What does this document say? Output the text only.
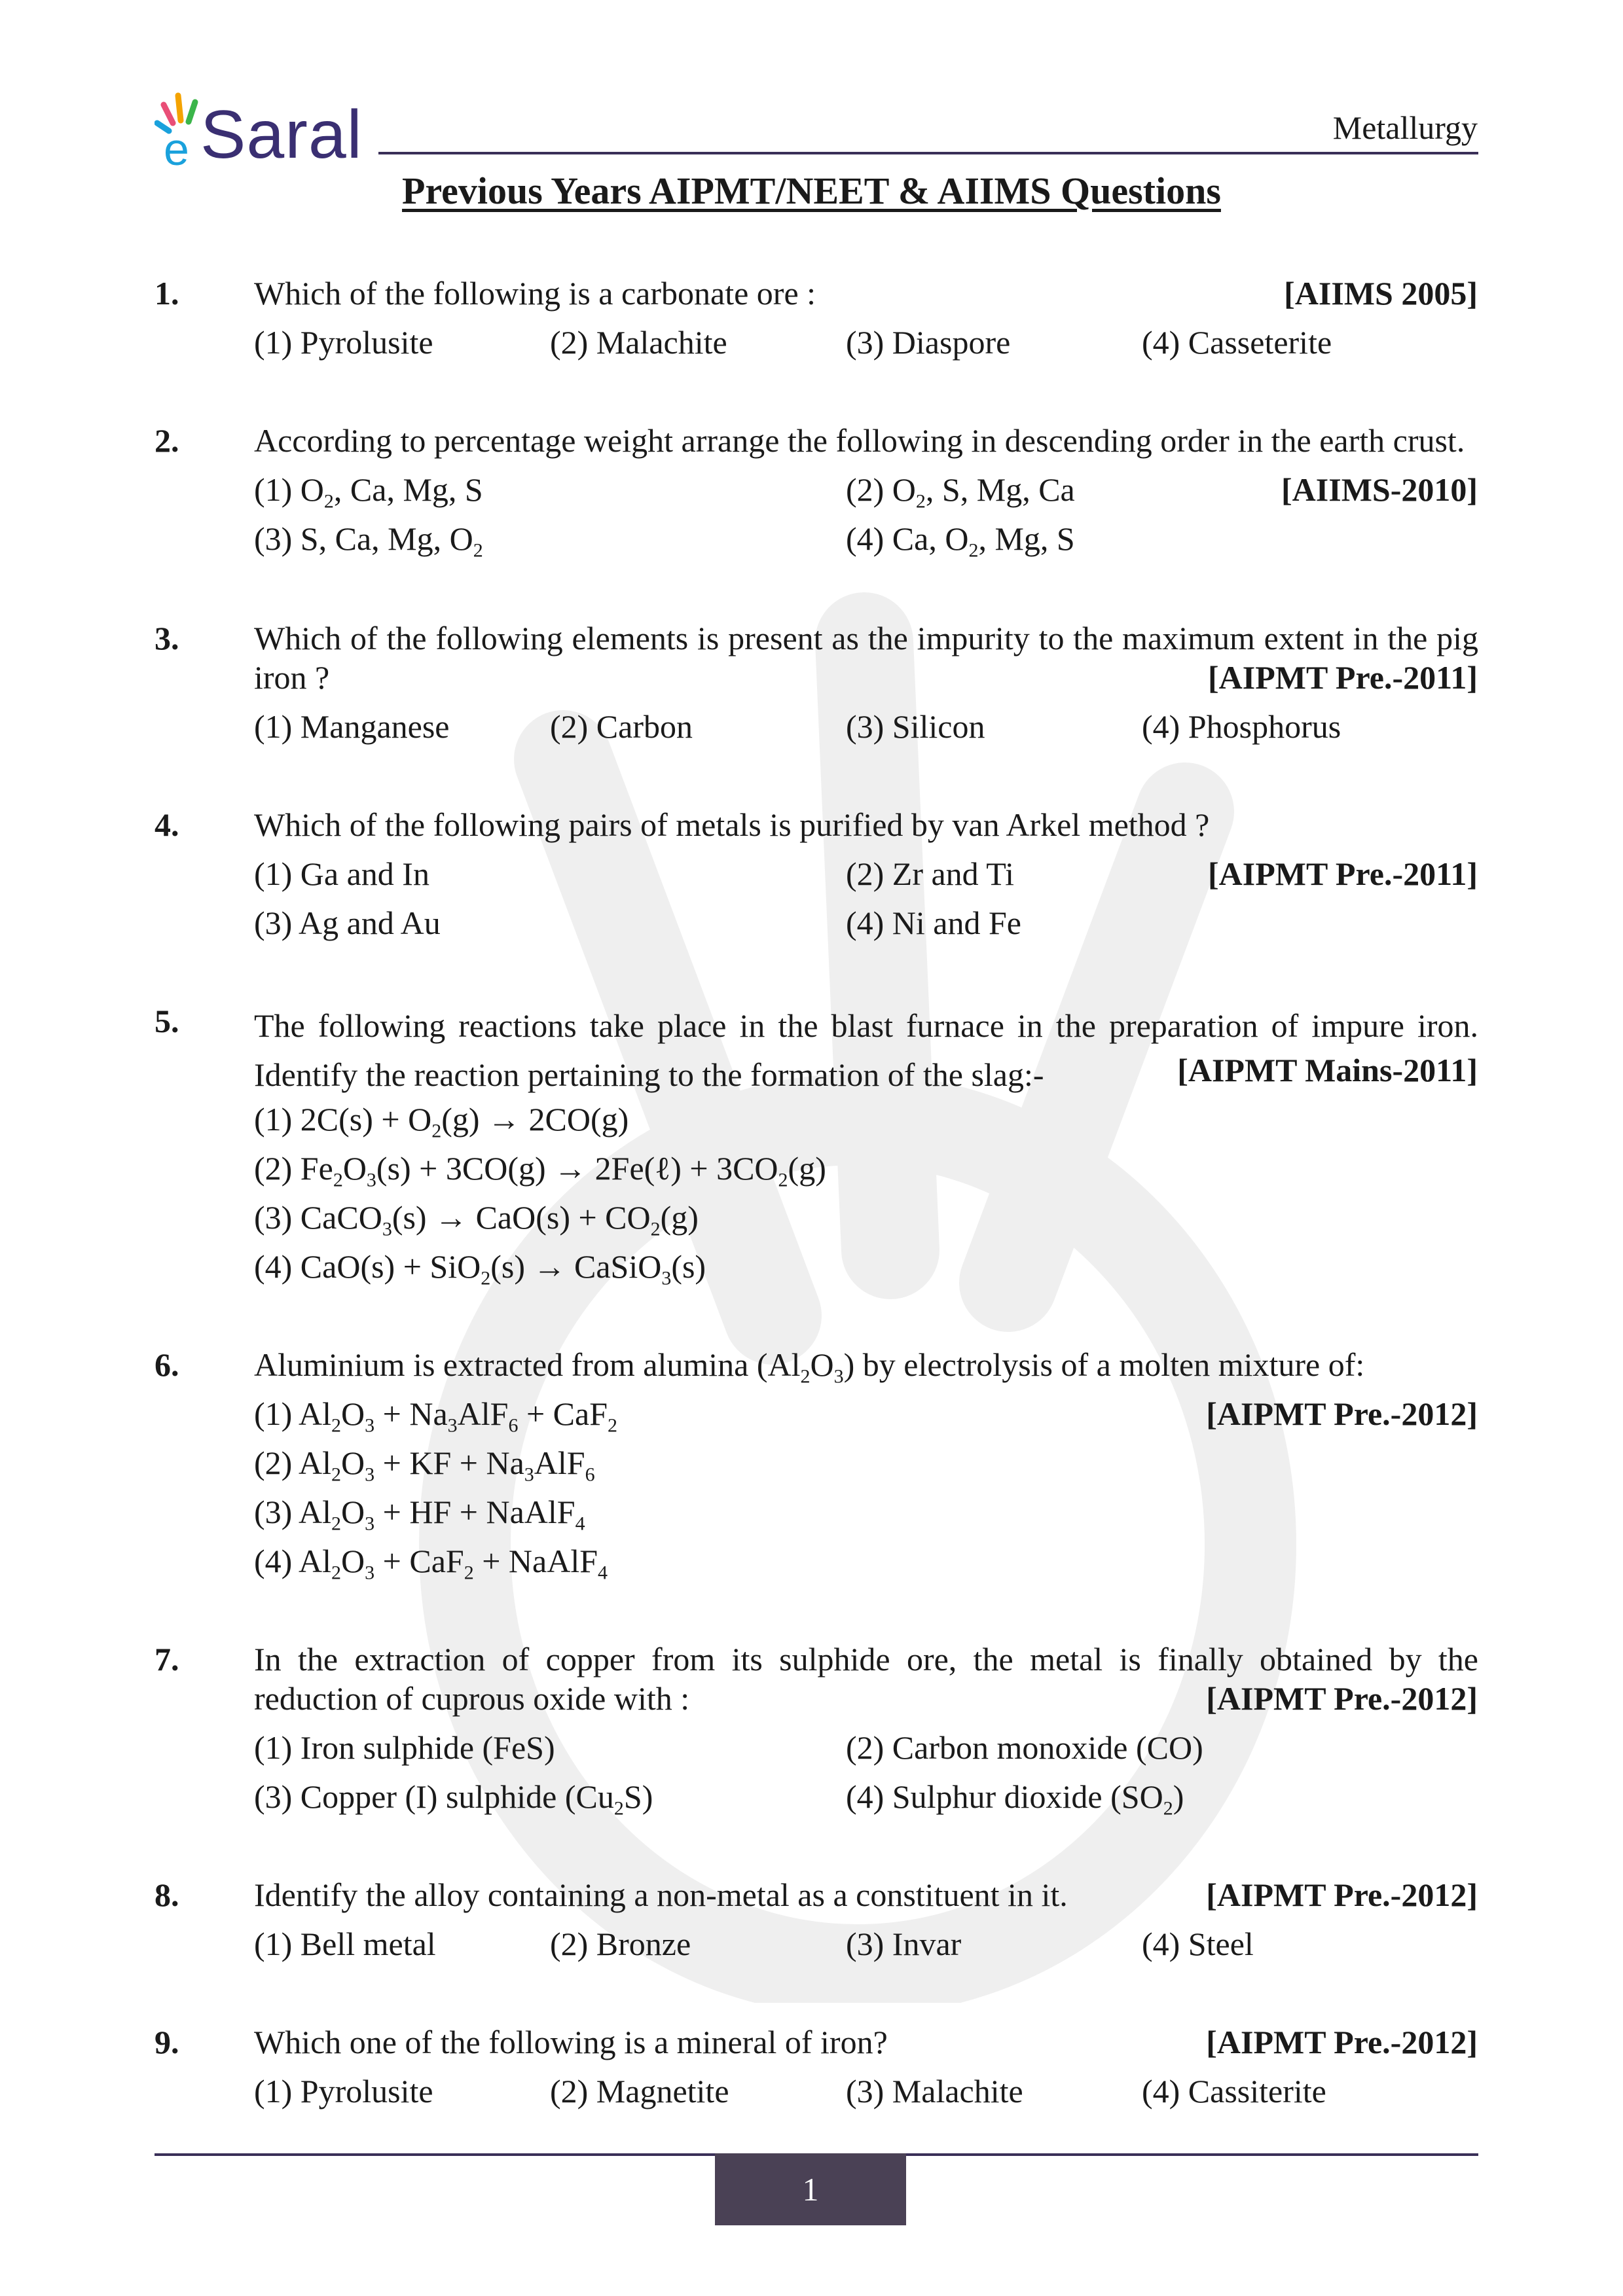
e Saral	Metallurgy
Previous Years AIPMT/NEET & AIIMS Questions
1. Which of the following is a carbonate ore :	[AIIMS 2005]
(1) Pyrolusite	(2) Malachite	(3) Diaspore	(4) Casseterite
2. According to percentage weight arrange the following in descending order in the earth crust.
[AIIMS-2010]
(1) $O_2$, Ca, Mg, S	(2) $O_2$, S, Mg, Ca
(3) S, Ca, Mg, $O_2$	(4) Ca, $O_2$, Mg, S
3. Which of the following elements is present as the impurity to the maximum extent in the pig iron ?	[AIPMT Pre.-2011]
(1) Manganese	(2) Carbon	(3) Silicon	(4) Phosphorus
4. Which of the following pairs of metals is purified by van Arkel method ?
[AIPMT Pre.-2011]
(1) Ga and In	(2) Zr and Ti
(3) Ag and Au	(4) Ni and Fe
5. The following reactions take place in the blast furnace in the preparation of impure iron. Identify the reaction pertaining to the formation of the slag:-	[AIPMT Mains-2011]
(1) $2C(s) + O_2(g) \to 2CO(g)$
(2) $Fe_2O_3(s) + 3CO(g)$ → 2Fe(ℓ) + $3CO_2(g)$
(3) CaCO$_3$(s) → $CaO(s) + CO_2(g)$
(4) CaO(s) + SiO$_2$(s) → CaSiO$_3$(s)
6. Aluminium is extracted from alumina $(Al_2O_3)$ by electrolysis of a molten mixture of:
[AIPMT Pre.-2012]
(1) $Al_2O_3 + Na_3AlF_6 + CaF_2$
(2) $Al_2O_3$ + KF + $Na_3AlF_6$
(3) $Al_2O_3$ + HF + NaAlF$_4$
(4) $Al_2O_3 + CaF_2$ + NaAlF$_4$
7. In the extraction of copper from its sulphide ore, the metal is finally obtained by the reduction of cuprous oxide with :	[AIPMT Pre.-2012]
(1) Iron sulphide (FeS)	(2) Carbon monoxide (CO)
(3) Copper (I) sulphide $(Cu_2S)$	(4) Sulphur dioxide $(SO_2)$
8. Identify the alloy containing a non-metal as a constituent in it.	[AIPMT Pre.-2012]
(1) Bell metal	(2) Bronze	(3) Invar	(4) Steel
9. Which one of the following is a mineral of iron?	[AIPMT Pre.-2012]
(1) Pyrolusite	(2) Magnetite	(3) Malachite	(4) Cassiterite
1
